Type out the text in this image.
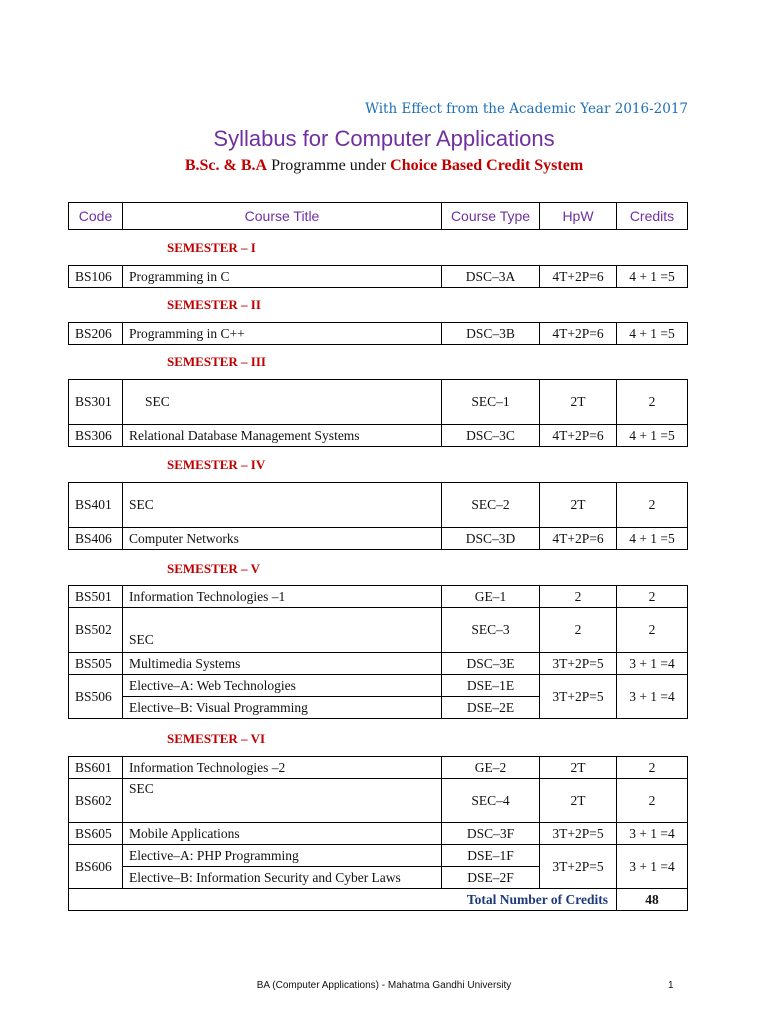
With Effect from the Academic Year 2016-2017
Syllabus for Computer Applications
B.Sc. & B.A Programme under Choice Based Credit System
Code	Course Title	Course Type	HpW	Credits
SEMESTER – I
BS106	Programming in C	DSC–3A	4T+2P=6	4 + 1 =5
SEMESTER – II
BS206	Programming in C++	DSC–3B	4T+2P=6	4 + 1 =5
SEMESTER – III
BS301	SEC	SEC–1	2T	2
BS306	Relational Database Management Systems	DSC–3C	4T+2P=6	4 + 1 =5
SEMESTER – IV
BS401	SEC	SEC–2	2T	2
BS406	Computer Networks	DSC–3D	4T+2P=6	4 + 1 =5
SEMESTER – V
BS501	Information Technologies –1	GE–1	2	2
BS502	SEC	SEC–3	2	2
BS505	Multimedia Systems	DSC–3E	3T+2P=5	3 + 1 =4
BS506	Elective–A: Web Technologies	DSE–1E	3T+2P=5	3 + 1 =4
	Elective–B: Visual Programming	DSE–2E		
SEMESTER – VI
BS601	Information Technologies –2	GE–2	2T	2
BS602	SEC	SEC–4	2T	2
BS605	Mobile Applications	DSC–3F	3T+2P=5	3 + 1 =4
BS606	Elective–A: PHP Programming	DSE–1F	3T+2P=5	3 + 1 =4
	Elective–B: Information Security and Cyber Laws	DSE–2F		
Total Number of Credits				48
BA (Computer Applications) - Mahatma Gandhi University	1
